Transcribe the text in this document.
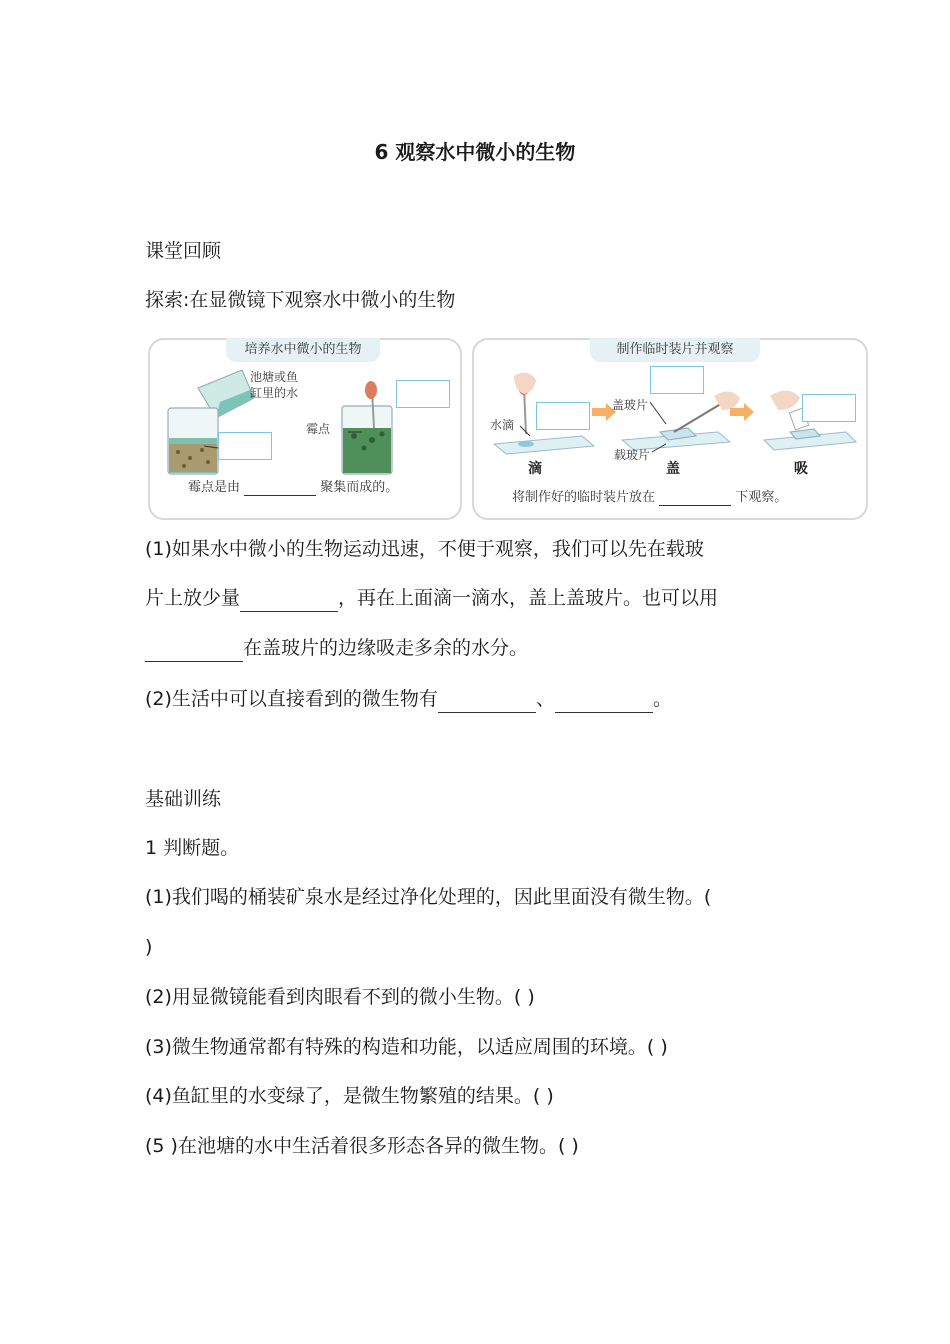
6 观察水中微小的生物
课堂回顾
探索:在显微镜下观察水中微小的生物
培养水中微小的生物
池塘或鱼
缸里的水
霉点
霉点是由	聚集而成的。
制作临时装片并观察
水滴
盖玻片
载玻片
滴	盖	吸
将制作好的临时装片放在	下观察。
(1)如果水中微小的生物运动迅速，不便于观察，我们可以先在载玻
片上放少量	，再在上面滴一滴水，盖上盖玻片。也可以用
在盖玻片的边缘吸走多余的水分。
(2)生活中可以直接看到的微生物有	、	。
基础训练
1 判断题。
(1)我们喝的桶装矿泉水是经过净化处理的，因此里面没有微生物。(
)
(2)用显微镜能看到肉眼看不到的微小生物。( )
(3)微生物通常都有特殊的构造和功能，以适应周围的环境。( )
(4)鱼缸里的水变绿了，是微生物繁殖的结果。( )
(5 )在池塘的水中生活着很多形态各异的微生物。( )
